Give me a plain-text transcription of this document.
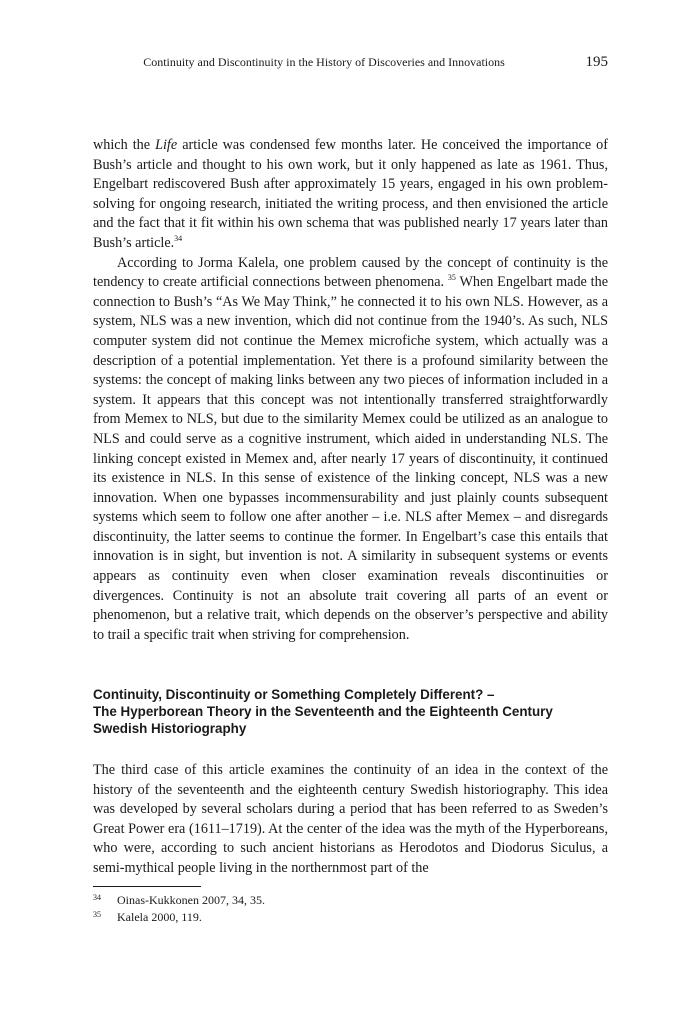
Continuity and Discontinuity in the History of Discoveries and Innovations	195

which the Life article was condensed few months later. He conceived the importance of Bush’s article and thought to his own work, but it only happened as late as 1961. Thus, Engelbart rediscovered Bush after approximately 15 years, engaged in his own problem-solving for ongoing research, initiated the writing process, and then envisioned the article and the fact that it fit within his own schema that was published nearly 17 years later than Bush’s article.$^{34}$

According to Jorma Kalela, one problem caused by the concept of continuity is the tendency to create artificial connections between phenomena. $^{35}$ When Engelbart made the connection to Bush’s “As We May Think,” he connected it to his own NLS. However, as a system, NLS was a new invention, which did not continue from the 1940’s. As such, NLS computer system did not continue the Memex microfiche system, which actually was a description of a potential implementation. Yet there is a profound similarity between the systems: the concept of making links between any two pieces of information included in a system. It appears that this concept was not intentionally transferred straightforwardly from Memex to NLS, but due to the similarity Memex could be utilized as an analogue to NLS and could serve as a cognitive instrument, which aided in understanding NLS. The linking concept existed in Memex and, after nearly 17 years of discontinuity, it continued its existence in NLS. In this sense of existence of the linking concept, NLS was a new innovation. When one bypasses incommensurability and just plainly counts subsequent systems which seem to follow one after another – i.e. NLS after Memex – and disregards discontinuity, the latter seems to continue the former. In Engelbart’s case this entails that innovation is in sight, but invention is not. A similarity in subsequent systems or events appears as continuity even when closer examination reveals discontinuities or divergences. Continuity is not an absolute trait covering all parts of an event or phenomenon, but a relative trait, which depends on the observer’s perspective and ability to trail a specific trait when striving for comprehension.

Continuity, Discontinuity or Something Completely Different? –
The Hyperborean Theory in the Seventeenth and the Eighteenth Century
Swedish Historiography

The third case of this article examines the continuity of an idea in the context of the history of the seventeenth and the eighteenth century Swedish historiography. This idea was developed by several scholars during a period that has been referred to as Sweden’s Great Power era (1611–1719). At the center of the idea was the myth of the Hyperboreans, who were, according to such ancient historians as Herodotos and Diodorus Siculus, a semi-mythical people living in the northernmost part of the

34 Oinas-Kukkonen 2007, 34, 35.
35 Kalela 2000, 119.
